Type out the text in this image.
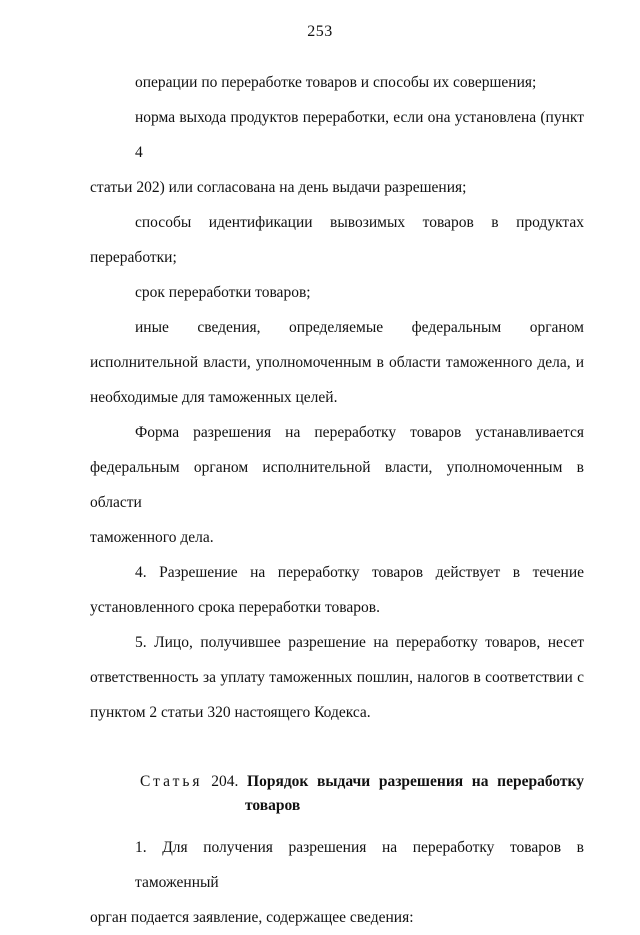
253
операции по переработке товаров и способы их совершения;
норма выхода продуктов переработки, если она установлена (пункт 4
статьи 202) или согласована на день выдачи разрешения;
способы идентификации вывозимых товаров в продуктах
переработки;
срок переработки товаров;
иные сведения, определяемые федеральным органом
исполнительной власти, уполномоченным в области таможенного дела, и
необходимые для таможенных целей.
Форма разрешения на переработку товаров устанавливается
федеральным органом исполнительной власти, уполномоченным в области
таможенного дела.
4. Разрешение на переработку товаров действует в течение
установленного срока переработки товаров.
5. Лицо, получившее разрешение на переработку товаров, несет
ответственность за уплату таможенных пошлин, налогов в соответствии с
пунктом 2 статьи 320 настоящего Кодекса.
Статья 204. Порядок выдачи разрешения на переработку
товаров
1. Для получения разрешения на переработку товаров в таможенный
орган подается заявление, содержащее сведения:
